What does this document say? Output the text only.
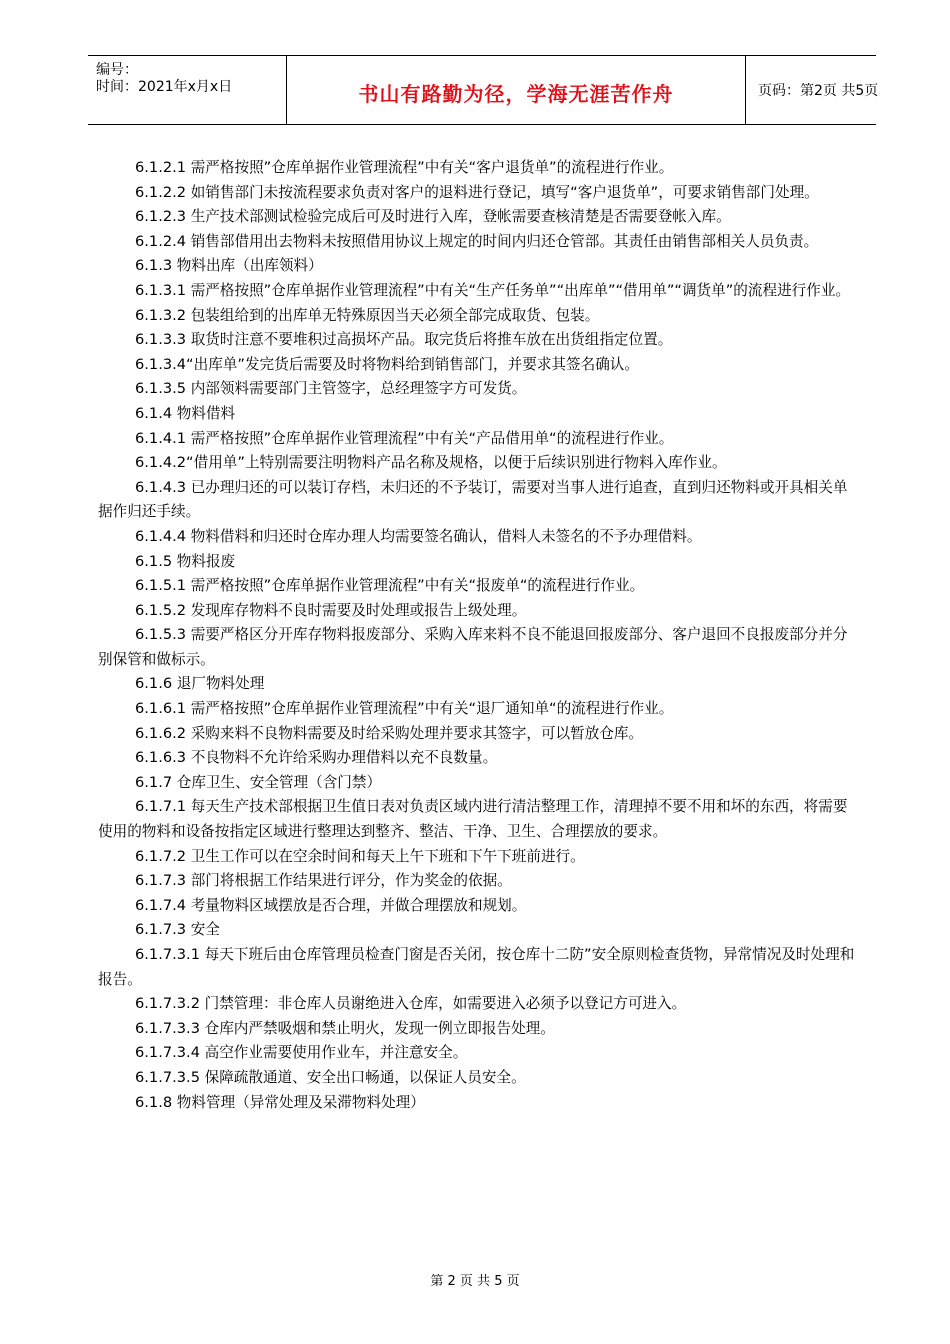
编号：
时间：2021年x月x日	书山有路勤为径，学海无涯苦作舟	页码：第2页 共5页

6.1.2.1 需严格按照”仓库单据作业管理流程”中有关“客户退货单”的流程进行作业。

6.1.2.2 如销售部门未按流程要求负责对客户的退料进行登记，填写“客户退货单”，可要求销售部门处理。

6.1.2.3 生产技术部测试检验完成后可及时进行入库，登帐需要查核清楚是否需要登帐入库。

6.1.2.4 销售部借用出去物料未按照借用协议上规定的时间内归还仓管部。其责任由销售部相关人员负责。

6.1.3 物料出库（出库领料）

6.1.3.1 需严格按照”仓库单据作业管理流程”中有关“生产任务单”“出库单”“借用单”“调货单”的流程进行作业。

6.1.3.2 包装组给到的出库单无特殊原因当天必须全部完成取货、包装。

6.1.3.3 取货时注意不要堆积过高损坏产品。取完货后将推车放在出货组指定位置。

6.1.3.4“出库单”发完货后需要及时将物料给到销售部门，并要求其签名确认。

6.1.3.5 内部领料需要部门主管签字，总经理签字方可发货。

6.1.4 物料借料

6.1.4.1 需严格按照”仓库单据作业管理流程”中有关“产品借用单“的流程进行作业。

6.1.4.2“借用单”上特别需要注明物料产品名称及规格，以便于后续识别进行物料入库作业。

6.1.4.3 已办理归还的可以装订存档，未归还的不予装订，需要对当事人进行追查，直到归还物料或开具相关单据作归还手续。

6.1.4.4 物料借料和归还时仓库办理人均需要签名确认，借料人未签名的不予办理借料。

6.1.5 物料报废

6.1.5.1 需严格按照”仓库单据作业管理流程”中有关“报废单“的流程进行作业。

6.1.5.2 发现库存物料不良时需要及时处理或报告上级处理。

6.1.5.3 需要严格区分开库存物料报废部分、采购入库来料不良不能退回报废部分、客户退回不良报废部分并分别保管和做标示。

6.1.6 退厂物料处理

6.1.6.1 需严格按照”仓库单据作业管理流程”中有关“退厂通知单“的流程进行作业。

6.1.6.2 采购来料不良物料需要及时给采购处理并要求其签字，可以暂放仓库。

6.1.6.3 不良物料不允许给采购办理借料以充不良数量。

6.1.7 仓库卫生、安全管理（含门禁）

6.1.7.1 每天生产技术部根据卫生值日表对负责区域内进行清洁整理工作，清理掉不要不用和坏的东西，将需要使用的物料和设备按指定区域进行整理达到整齐、整洁、干净、卫生、合理摆放的要求。

6.1.7.2 卫生工作可以在空余时间和每天上午下班和下午下班前进行。

6.1.7.3 部门将根据工作结果进行评分，作为奖金的依据。

6.1.7.4 考量物料区域摆放是否合理，并做合理摆放和规划。

6.1.7.3 安全

6.1.7.3.1 每天下班后由仓库管理员检查门窗是否关闭，按仓库十二防”安全原则检查货物，异常情况及时处理和报告。

6.1.7.3.2 门禁管理：非仓库人员谢绝进入仓库，如需要进入必须予以登记方可进入。

6.1.7.3.3 仓库内严禁吸烟和禁止明火，发现一例立即报告处理。

6.1.7.3.4 高空作业需要使用作业车，并注意安全。

6.1.7.3.5 保障疏散通道、安全出口畅通，以保证人员安全。

6.1.8 物料管理（异常处理及呆滞物料处理）

第 2 页 共 5 页
